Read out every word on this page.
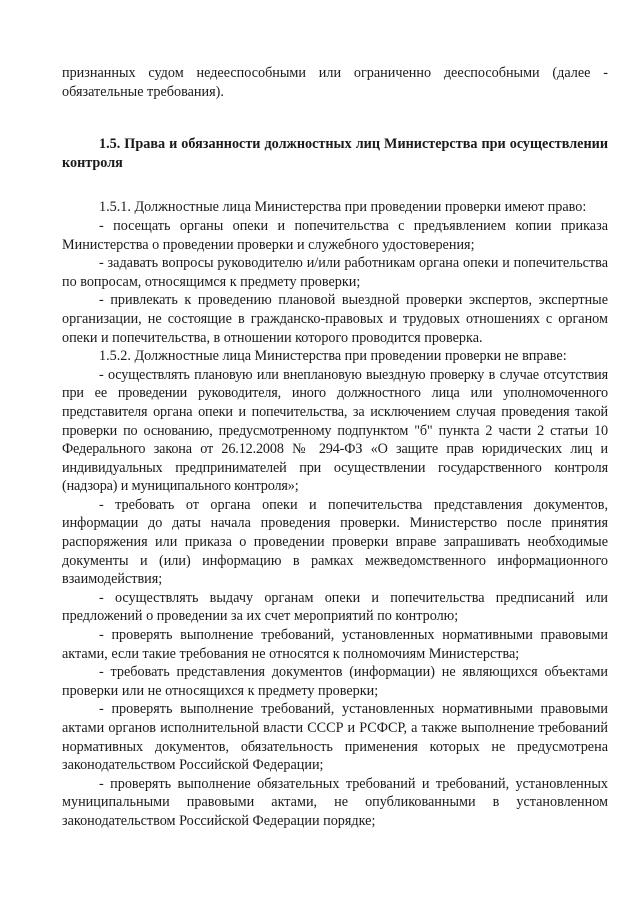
признанных судом недееспособными или ограниченно дееспособными (далее - обязательные требования).

1.5. Права и обязанности должностных лиц Министерства при осуществлении контроля

1.5.1. Должностные лица Министерства при проведении проверки имеют право:

- посещать органы опеки и попечительства с предъявлением копии приказа Министерства о проведении проверки и служебного удостоверения;

- задавать вопросы руководителю и/или работникам органа опеки и попечительства по вопросам, относящимся к предмету проверки;

- привлекать к проведению плановой выездной проверки экспертов, экспертные организации, не состоящие в гражданско-правовых и трудовых отношениях с органом опеки и попечительства, в отношении которого проводится проверка.

1.5.2. Должностные лица Министерства при проведении проверки не вправе:

- осуществлять плановую или внеплановую выездную проверку в случае отсутствия при ее проведении руководителя, иного должностного лица или уполномоченного представителя органа опеки и попечительства, за исключением случая проведения такой проверки по основанию, предусмотренному подпунктом "б" пункта 2 части 2 статьи 10 Федерального закона от 26.12.2008 № 294-ФЗ «О защите прав юридических лиц и индивидуальных предпринимателей при осуществлении государственного контроля (надзора) и муниципального контроля»;

- требовать от органа опеки и попечительства представления документов, информации до даты начала проведения проверки. Министерство после принятия распоряжения или приказа о проведении проверки вправе запрашивать необходимые документы и (или) информацию в рамках межведомственного информационного взаимодействия;

- осуществлять выдачу органам опеки и попечительства предписаний или предложений о проведении за их счет мероприятий по контролю;

- проверять выполнение требований, установленных нормативными правовыми актами, если такие требования не относятся к полномочиям Министерства;

- требовать представления документов (информации) не являющихся объектами проверки или не относящихся к предмету проверки;

- проверять выполнение требований, установленных нормативными правовыми актами органов исполнительной власти СССР и РСФСР, а также выполнение требований нормативных документов, обязательность применения которых не предусмотрена законодательством Российской Федерации;

- проверять выполнение обязательных требований и требований, установленных муниципальными правовыми актами, не опубликованными в установленном законодательством Российской Федерации порядке;
